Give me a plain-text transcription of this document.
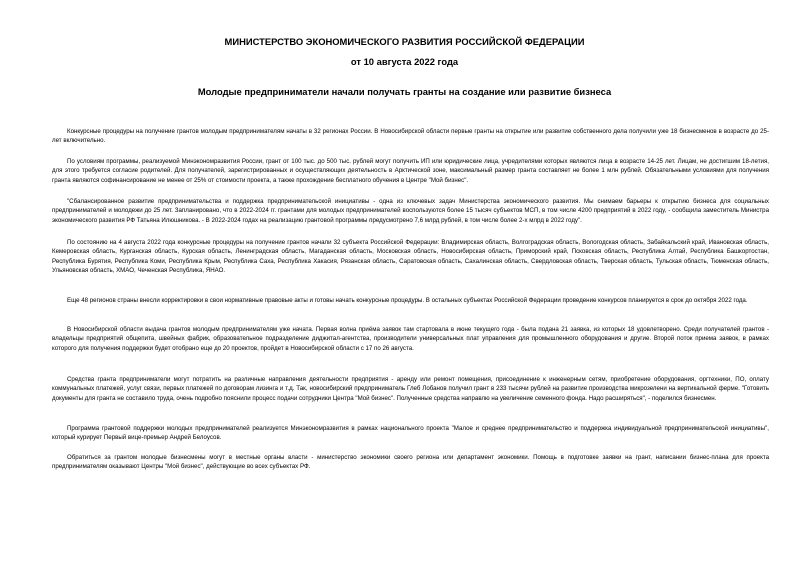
МИНИСТЕРСТВО ЭКОНОМИЧЕСКОГО РАЗВИТИЯ РОССИЙСКОЙ ФЕДЕРАЦИИ
от 10 августа 2022 года
Молодые предприниматели начали получать гранты на создание или развитие бизнеса

Конкурсные процедуры на получение грантов молодым предпринимателям начаты в 32 регионах России. В Новосибирской области первые гранты на открытие или развитие собственного дела получили уже 18 бизнесменов в возрасте до 25-лет включительно.

По условиям программы, реализуемой Минэкономразвития России, грант от 100 тыс. до 500 тыс. рублей могут получить ИП или юридические лица, учредителями которых являются лица в возрасте 14-25 лет. Лицам, не достигшим 18-летия, для этого требуется согласие родителей. Для получателей, зарегистрированных и осуществляющих деятельность в Арктической зоне, максимальный размер гранта составляет не более 1 млн рублей. Обязательными условиями для получения гранта являются софинансирование не менее от 25% от стоимости проекта, а также прохождение бесплатного обучения в Центре "Мой бизнес".

"Сбалансированное развитие предпринимательства и поддержка предпринимательской инициативы - одна из ключевых задач Министерства экономического развития. Мы снимаем барьеры к открытию бизнеса для социальных предпринимателей и молодежи до 25 лет. Запланировано, что в 2022-2024 гг. грантами для молодых предпринимателей воспользуются более 15 тысяч субъектов МСП, в том числе 4200 предприятий в 2022 году, - сообщила заместитель Министра экономического развития РФ Татьяна Илюшникова. - В 2022-2024 годах на реализацию грантовой программы предусмотрено 7,6 млрд рублей, в том числе более 2-х млрд в 2022 году".

По состоянию на 4 августа 2022 года конкурсные процедуры на получение грантов начали 32 субъекта Российской Федерации: Владимирская область, Волгоградская область, Вологодская область, Забайкальский край, Ивановская область, Кемеровская область, Курганская область, Курская область, Ленинградская область, Магаданская область, Московская область, Новосибирская область, Приморский край, Псковская область, Республика Алтай, Республика Башкортостан, Республика Бурятия, Республика Коми, Республика Крым, Республика Саха, Республика Хакасия, Рязанская область, Саратовская область, Сахалинская область, Свердловская область, Тверская область, Тульская область, Тюменская область, Ульяновская область, ХМАО, Чеченская Республика, ЯНАО.

Еще 48 регионов страны внесли корректировки в свои нормативные правовые акты и готовы начать конкурсные процедуры. В остальных субъектах Российской Федерации проведение конкурсов планируется в срок до октября 2022 года.

В Новосибирской области выдача грантов молодым предпринимателям уже начата. Первая волна приёма заявок там стартовала в июне текущего года - была подана 21 заявка, из которых 18 удовлетворено. Среди получателей грантов - владельцы предприятий общепита, швейных фабрик, образовательное подразделение диджитал-агентства, производители универсальных плат управления для промышленного оборудования и другие. Второй поток приема заявок, в рамках которого для получения поддержки будет отобрано еще до 20 проектов, пройдет в Новосибирской области с 17 по 26 августа.

Средства гранта предприниматели могут потратить на различные направления деятельности предприятия - аренду или ремонт помещения, присоединение к инженерным сетям, приобретение оборудования, оргтехники, ПО, оплату коммунальных платежей, услуг связи, первых платежей по договорам лизинга и т.д. Так, новосибирский предприниматель Глеб Лобанов получил грант в 233 тысячи рублей на развитие производства микрозелени на вертикальной ферме. "Готовить документы для гранта не составило труда, очень подробно пояснили процесс подачи сотрудники Центра "Мой бизнес". Полученные средства направлю на увеличение семенного фонда. Надо расширяться", - поделился бизнесмен.

Программа грантовой поддержки молодых предпринимателей реализуется Минэкономразвития в рамках национального проекта "Малое и среднее предпринимательство и поддержка индивидуальной предпринимательской инициативы", который курирует Первый вице-премьер Андрей Белоусов.

Обратиться за грантом молодые бизнесмены могут в местные органы власти - министерство экономики своего региона или департамент экономики. Помощь в подготовке заявки на грант, написании бизнес-плана для проекта предпринимателям оказывают Центры "Мой бизнес", действующие во всех субъектах РФ.
